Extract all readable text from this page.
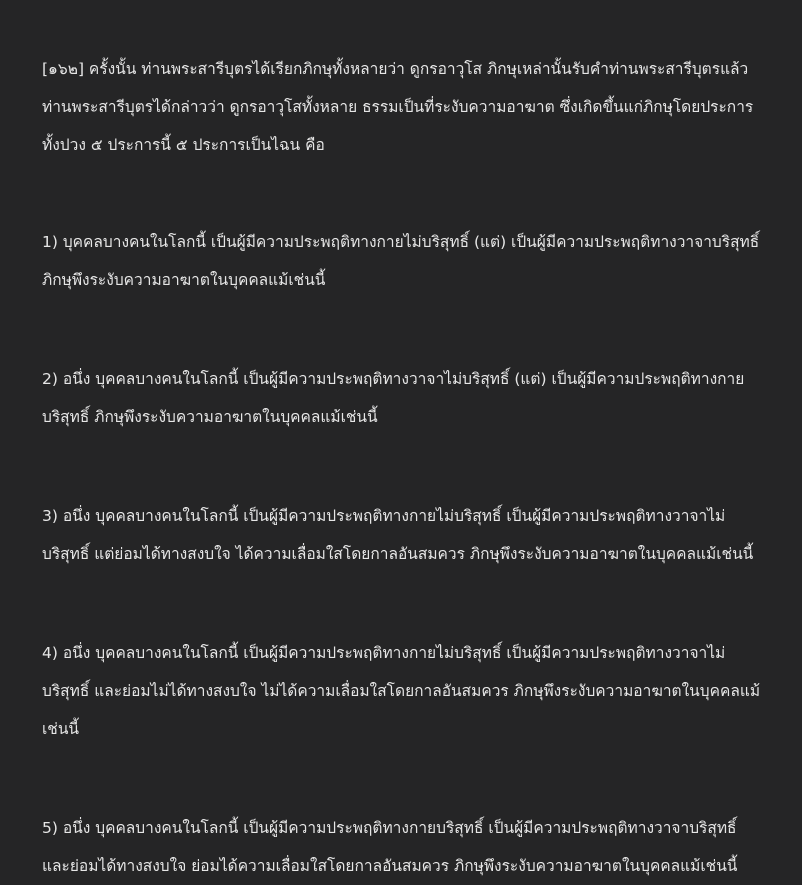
[๑๖๒] ครั้งนั้น ท่านพระสารีบุตรได้เรียกภิกษุทั้งหลายว่า ดูกรอาวุโส ภิกษุเหล่านั้นรับคำท่านพระสารีบุตรแล้ว ท่านพระสารีบุตรได้กล่าวว่า ดูกรอาวุโสทั้งหลาย ธรรมเป็นที่ระงับความอาฆาต ซึ่งเกิดขึ้นแก่ภิกษุโดยประการทั้งปวง ๕ ประการนี้ ๕ ประการเป็นไฉน คือ

1) บุคคลบางคนในโลกนี้ เป็นผู้มีความประพฤติทางกายไม่บริสุทธิ์ (แต่) เป็นผู้มีความประพฤติทางวาจาบริสุทธิ์ ภิกษุพึงระงับความอาฆาตในบุคคลแม้เช่นนี้

2) อนึ่ง บุคคลบางคนในโลกนี้ เป็นผู้มีความประพฤติทางวาจาไม่บริสุทธิ์ (แต่) เป็นผู้มีความประพฤติทางกายบริสุทธิ์ ภิกษุพึงระงับความอาฆาตในบุคคลแม้เช่นนี้

3) อนึ่ง บุคคลบางคนในโลกนี้ เป็นผู้มีความประพฤติทางกายไม่บริสุทธิ์ เป็นผู้มีความประพฤติทางวาจาไม่บริสุทธิ์ แต่ย่อมได้ทางสงบใจ ได้ความเลื่อมใสโดยกาลอันสมควร ภิกษุพึงระงับความอาฆาตในบุคคลแม้เช่นนี้

4) อนึ่ง บุคคลบางคนในโลกนี้ เป็นผู้มีความประพฤติทางกายไม่บริสุทธิ์ เป็นผู้มีความประพฤติทางวาจาไม่บริสุทธิ์ และย่อมไม่ได้ทางสงบใจ ไม่ได้ความเลื่อมใสโดยกาลอันสมควร ภิกษุพึงระงับความอาฆาตในบุคคลแม้เช่นนี้

5) อนึ่ง บุคคลบางคนในโลกนี้ เป็นผู้มีความประพฤติทางกายบริสุทธิ์ เป็นผู้มีความประพฤติทางวาจาบริสุทธิ์ และย่อมได้ทางสงบใจ ย่อมได้ความเลื่อมใสโดยกาลอันสมควร ภิกษุพึงระงับความอาฆาตในบุคคลแม้เช่นนี้
